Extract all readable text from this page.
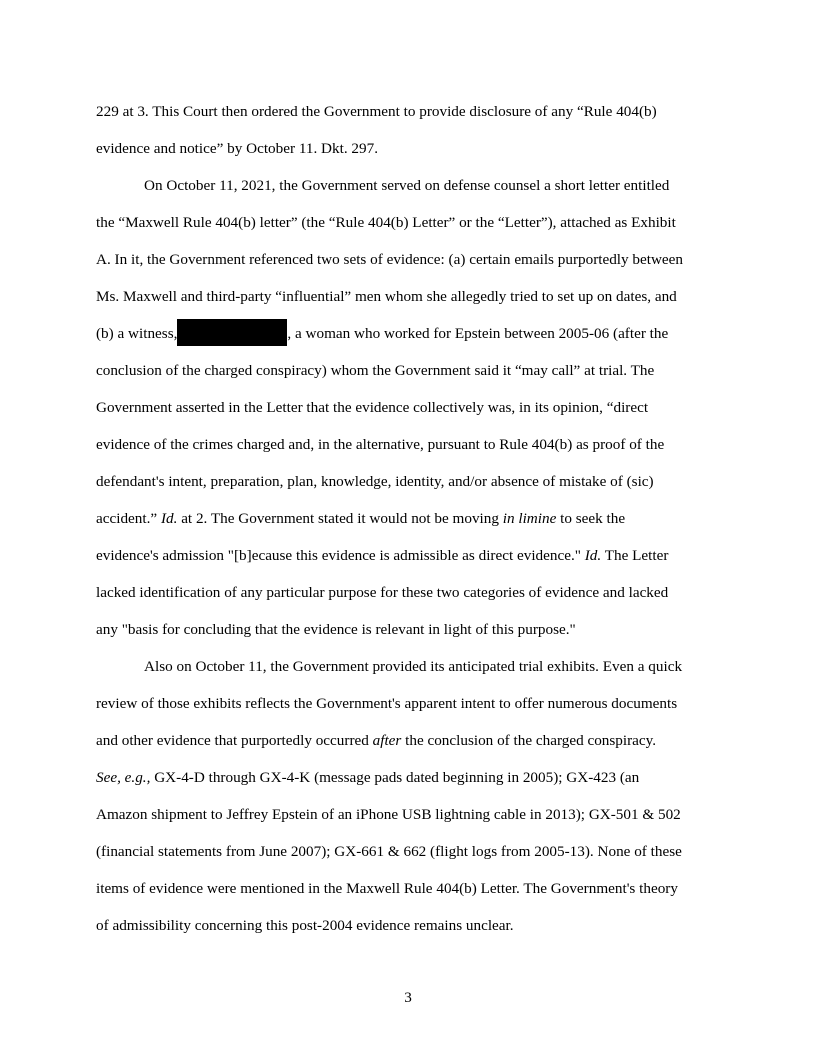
229 at 3. This Court then ordered the Government to provide disclosure of any “Rule 404(b)
evidence and notice” by October 11. Dkt. 297.
On October 11, 2021, the Government served on defense counsel a short letter entitled
the “Maxwell Rule 404(b) letter” (the “Rule 404(b) Letter” or the “Letter”), attached as Exhibit
A. In it, the Government referenced two sets of evidence: (a) certain emails purportedly between
Ms. Maxwell and third-party “influential” men whom she allegedly tried to set up on dates, and
(b) a witness,	, a woman who worked for Epstein between 2005-06 (after the
conclusion of the charged conspiracy) whom the Government said it “may call” at trial. The
Government asserted in the Letter that the evidence collectively was, in its opinion, “direct
evidence of the crimes charged and, in the alternative, pursuant to Rule 404(b) as proof of the
defendant's intent, preparation, plan, knowledge, identity, and/or absence of mistake of (sic)
accident.” Id. at 2. The Government stated it would not be moving in limine to seek the
evidence's admission "[b]ecause this evidence is admissible as direct evidence." Id. The Letter
lacked identification of any particular purpose for these two categories of evidence and lacked
any "basis for concluding that the evidence is relevant in light of this purpose."
Also on October 11, the Government provided its anticipated trial exhibits. Even a quick
review of those exhibits reflects the Government's apparent intent to offer numerous documents
and other evidence that purportedly occurred after the conclusion of the charged conspiracy.
See, e.g., GX-4-D through GX-4-K (message pads dated beginning in 2005); GX-423 (an
Amazon shipment to Jeffrey Epstein of an iPhone USB lightning cable in 2013); GX-501 & 502
(financial statements from June 2007); GX-661 & 662 (flight logs from 2005-13). None of these
items of evidence were mentioned in the Maxwell Rule 404(b) Letter. The Government's theory
of admissibility concerning this post-2004 evidence remains unclear.
3
